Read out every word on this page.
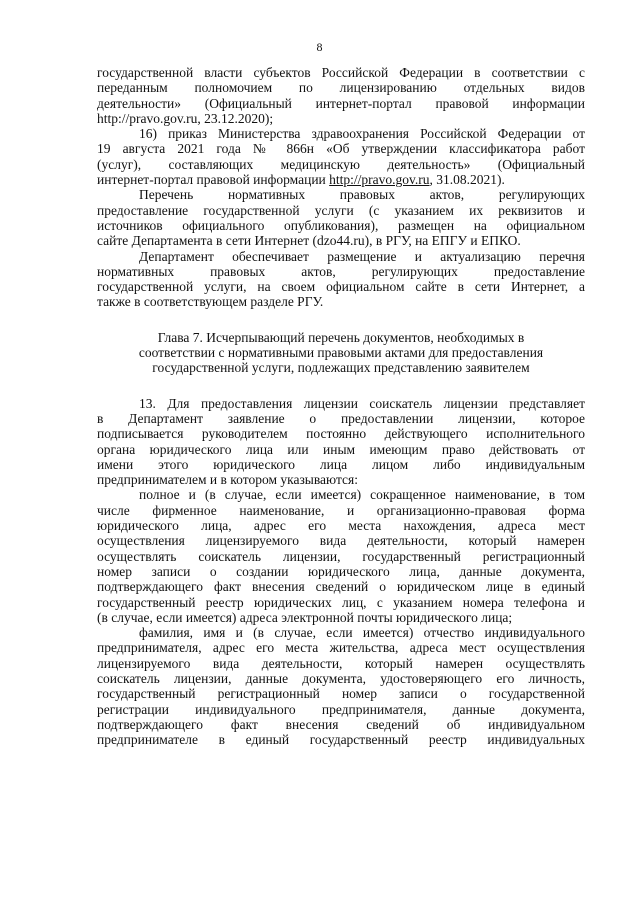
8
государственной власти субъектов Российской Федерации в соответствии с
переданным полномочием по лицензированию отдельных видов
деятельности» (Официальный интернет-портал правовой информации
http://pravo.gov.ru, 23.12.2020);
16) приказ Министерства здравоохранения Российской Федерации от
19 августа 2021 года № 866н «Об утверждении классификатора работ
(услуг), составляющих медицинскую деятельность» (Официальный
интернет-портал правовой информации http://pravo.gov.ru, 31.08.2021).
Перечень нормативных правовых актов, регулирующих
предоставление государственной услуги (с указанием их реквизитов и
источников официального опубликования), размещен на официальном
сайте Департамента в сети Интернет (dzo44.ru), в РГУ, на ЕПГУ и ЕПКО.
Департамент обеспечивает размещение и актуализацию перечня
нормативных правовых актов, регулирующих предоставление
государственной услуги, на своем официальном сайте в сети Интернет, а
также в соответствующем разделе РГУ.
Глава 7. Исчерпывающий перечень документов, необходимых в
соответствии с нормативными правовыми актами для предоставления
государственной услуги, подлежащих представлению заявителем
13. Для предоставления лицензии соискатель лицензии представляет
в Департамент заявление о предоставлении лицензии, которое
подписывается руководителем постоянно действующего исполнительного
органа юридического лица или иным имеющим право действовать от
имени этого юридического лица лицом либо индивидуальным
предпринимателем и в котором указываются:
полное и (в случае, если имеется) сокращенное наименование, в том
числе фирменное наименование, и организационно-правовая форма
юридического лица, адрес его места нахождения, адреса мест
осуществления лицензируемого вида деятельности, который намерен
осуществлять соискатель лицензии, государственный регистрационный
номер записи о создании юридического лица, данные документа,
подтверждающего факт внесения сведений о юридическом лице в единый
государственный реестр юридических лиц, с указанием номера телефона и
(в случае, если имеется) адреса электронной почты юридического лица;
фамилия, имя и (в случае, если имеется) отчество индивидуального
предпринимателя, адрес его места жительства, адреса мест осуществления
лицензируемого вида деятельности, который намерен осуществлять
соискатель лицензии, данные документа, удостоверяющего его личность,
государственный регистрационный номер записи о государственной
регистрации индивидуального предпринимателя, данные документа,
подтверждающего факт внесения сведений об индивидуальном
предпринимателе в единый государственный реестр индивидуальных
